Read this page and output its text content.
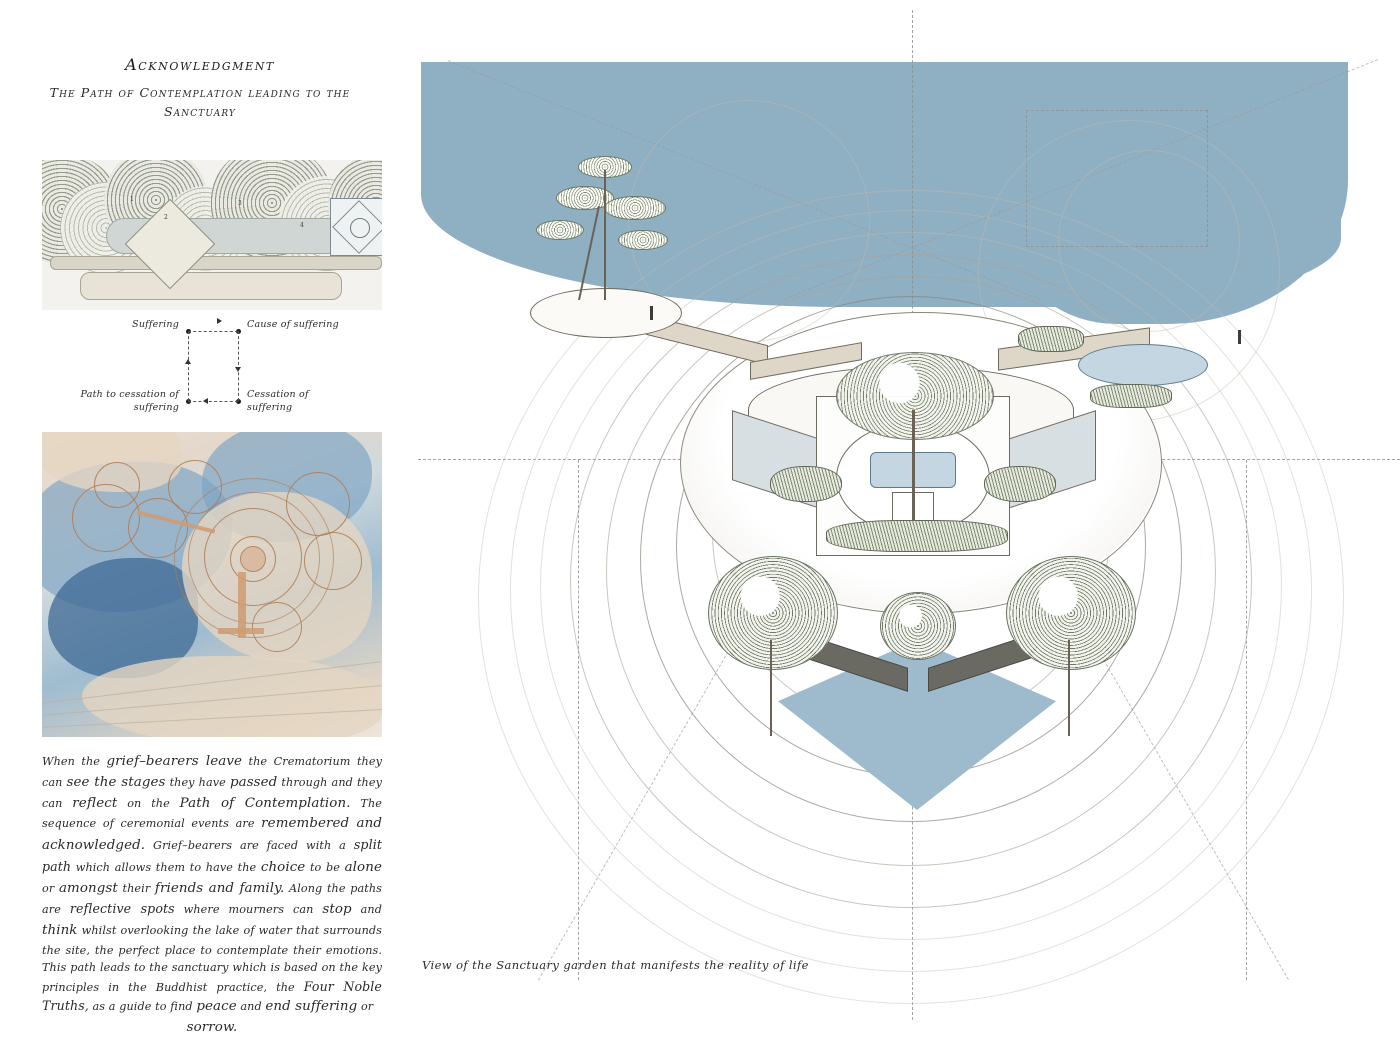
Acknowledgment
The Path of Contemplation leading to the Sanctuary
1
2
3
4
Suffering	Cause of suffering
Path to cessation of suffering
Cessation of suffering
When the grief–bearers leave the Crematorium they can see the stages they have passed through and they can reflect on the Path of Contemplation. The sequence of ceremonial events are remembered and acknowledged. Grief–bearers are faced with a split path which allows them to have the choice to be alone or amongst their friends and family. Along the paths are reflective spots where mourners can stop and think whilst overlooking the lake of water that surrounds the site, the perfect place to contemplate their emotions. This path leads to the sanctuary which is based on the key principles in the Buddhist practice, the Four Noble Truths, as a guide to find peace and end suffering or
sorrow.
View of the Sanctuary garden that manifests the reality of life
